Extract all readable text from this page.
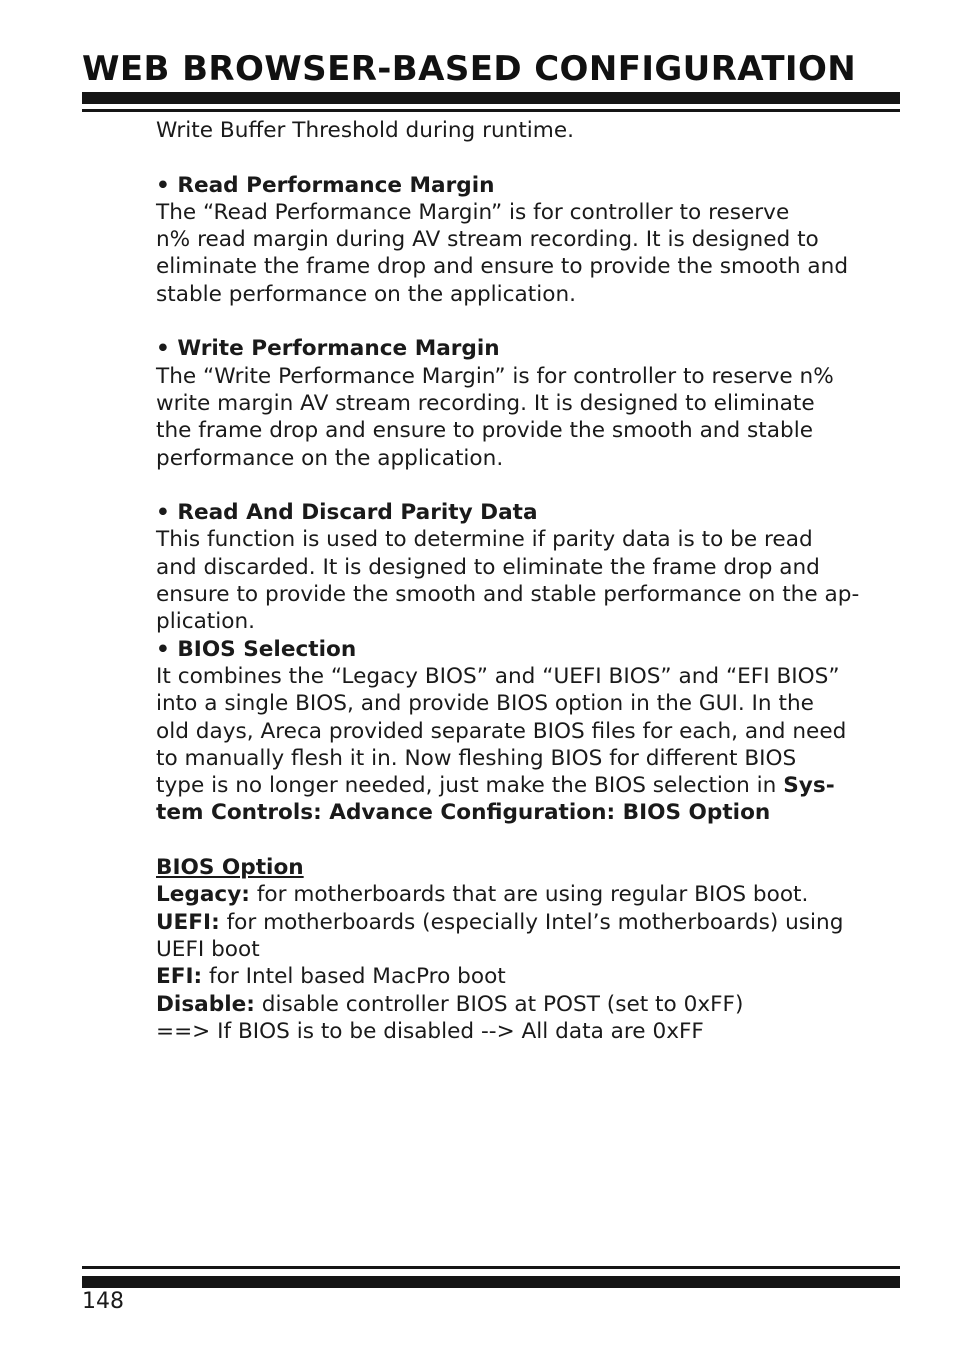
WEB BROWSER-BASED CONFIGURATION

Write Buffer Threshold during runtime.

• Read Performance Margin

The “Read Performance Margin” is for controller to reserve

n% read margin during AV stream recording. It is designed to

eliminate the frame drop and ensure to provide the smooth and

stable performance on the application.

• Write Performance Margin

The “Write Performance Margin” is for controller to reserve n%

write margin AV stream recording. It is designed to eliminate

the frame drop and ensure to provide the smooth and stable

performance on the application.

• Read And Discard Parity Data

This function is used to determine if parity data is to be read

and discarded. It is designed to eliminate the frame drop and

ensure to provide the smooth and stable performance on the ap-

plication.

• BIOS Selection

It combines the “Legacy BIOS” and “UEFI BIOS” and “EFI BIOS”

into a single BIOS, and provide BIOS option in the GUI. In the

old days, Areca provided separate BIOS files for each, and need

to manually flesh it in. Now fleshing BIOS for different BIOS

type is no longer needed, just make the BIOS selection in Sys-

tem Controls: Advance Configuration: BIOS Option

BIOS Option

Legacy: for motherboards that are using regular BIOS boot.

UEFI: for motherboards (especially Intel’s motherboards) using

UEFI boot

EFI: for Intel based MacPro boot

Disable: disable controller BIOS at POST (set to 0xFF)

==> If BIOS is to be disabled --> All data are 0xFF

148
